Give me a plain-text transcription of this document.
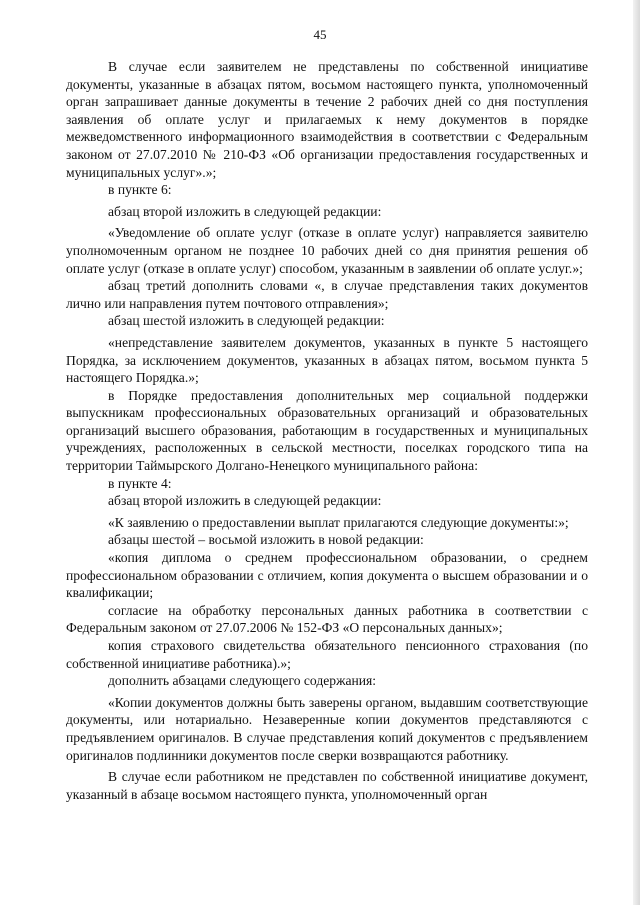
45

В случае если заявителем не представлены по собственной инициативе документы, указанные в абзацах пятом, восьмом настоящего пункта, уполномоченный орган запрашивает данные документы в течение 2 рабочих дней со дня поступления заявления об оплате услуг и прилагаемых к нему документов в порядке межведомственного информационного взаимодействия в соответствии с Федеральным законом от 27.07.2010 № 210-ФЗ «Об организации предоставления государственных и муниципальных услуг».»;

в пункте 6:

абзац второй изложить в следующей редакции:

«Уведомление об оплате услуг (отказе в оплате услуг) направляется заявителю уполномоченным органом не позднее 10 рабочих дней со дня принятия решения об оплате услуг (отказе в оплате услуг) способом, указанным в заявлении об оплате услуг.»;

абзац третий дополнить словами «, в случае представления таких документов лично или направления путем почтового отправления»;

абзац шестой изложить в следующей редакции:

«непредставление заявителем документов, указанных в пункте 5 настоящего Порядка, за исключением документов, указанных в абзацах пятом, восьмом пункта 5 настоящего Порядка.»;

в Порядке предоставления дополнительных мер социальной поддержки выпускникам профессиональных образовательных организаций и образовательных организаций высшего образования, работающим в государственных и муниципальных учреждениях, расположенных в сельской местности, поселках городского типа на территории Таймырского Долгано-Ненецкого муниципального района:

в пункте 4:

абзац второй изложить в следующей редакции:

«К заявлению о предоставлении выплат прилагаются следующие документы:»;

абзацы шестой – восьмой изложить в новой редакции:

«копия диплома о среднем профессиональном образовании, о среднем профессиональном образовании с отличием, копия документа о высшем образовании и о квалификации;

согласие на обработку персональных данных работника в соответствии с Федеральным законом от 27.07.2006 № 152-ФЗ «О персональных данных»;

копия страхового свидетельства обязательного пенсионного страхования (по собственной инициативе работника).»;

дополнить абзацами следующего содержания:

«Копии документов должны быть заверены органом, выдавшим соответствующие документы, или нотариально. Незаверенные копии документов представляются с предъявлением оригиналов. В случае представления копий документов с предъявлением оригиналов подлинники документов после сверки возвращаются работнику.

В случае если работником не представлен по собственной инициативе документ, указанный в абзаце восьмом настоящего пункта, уполномоченный орган
